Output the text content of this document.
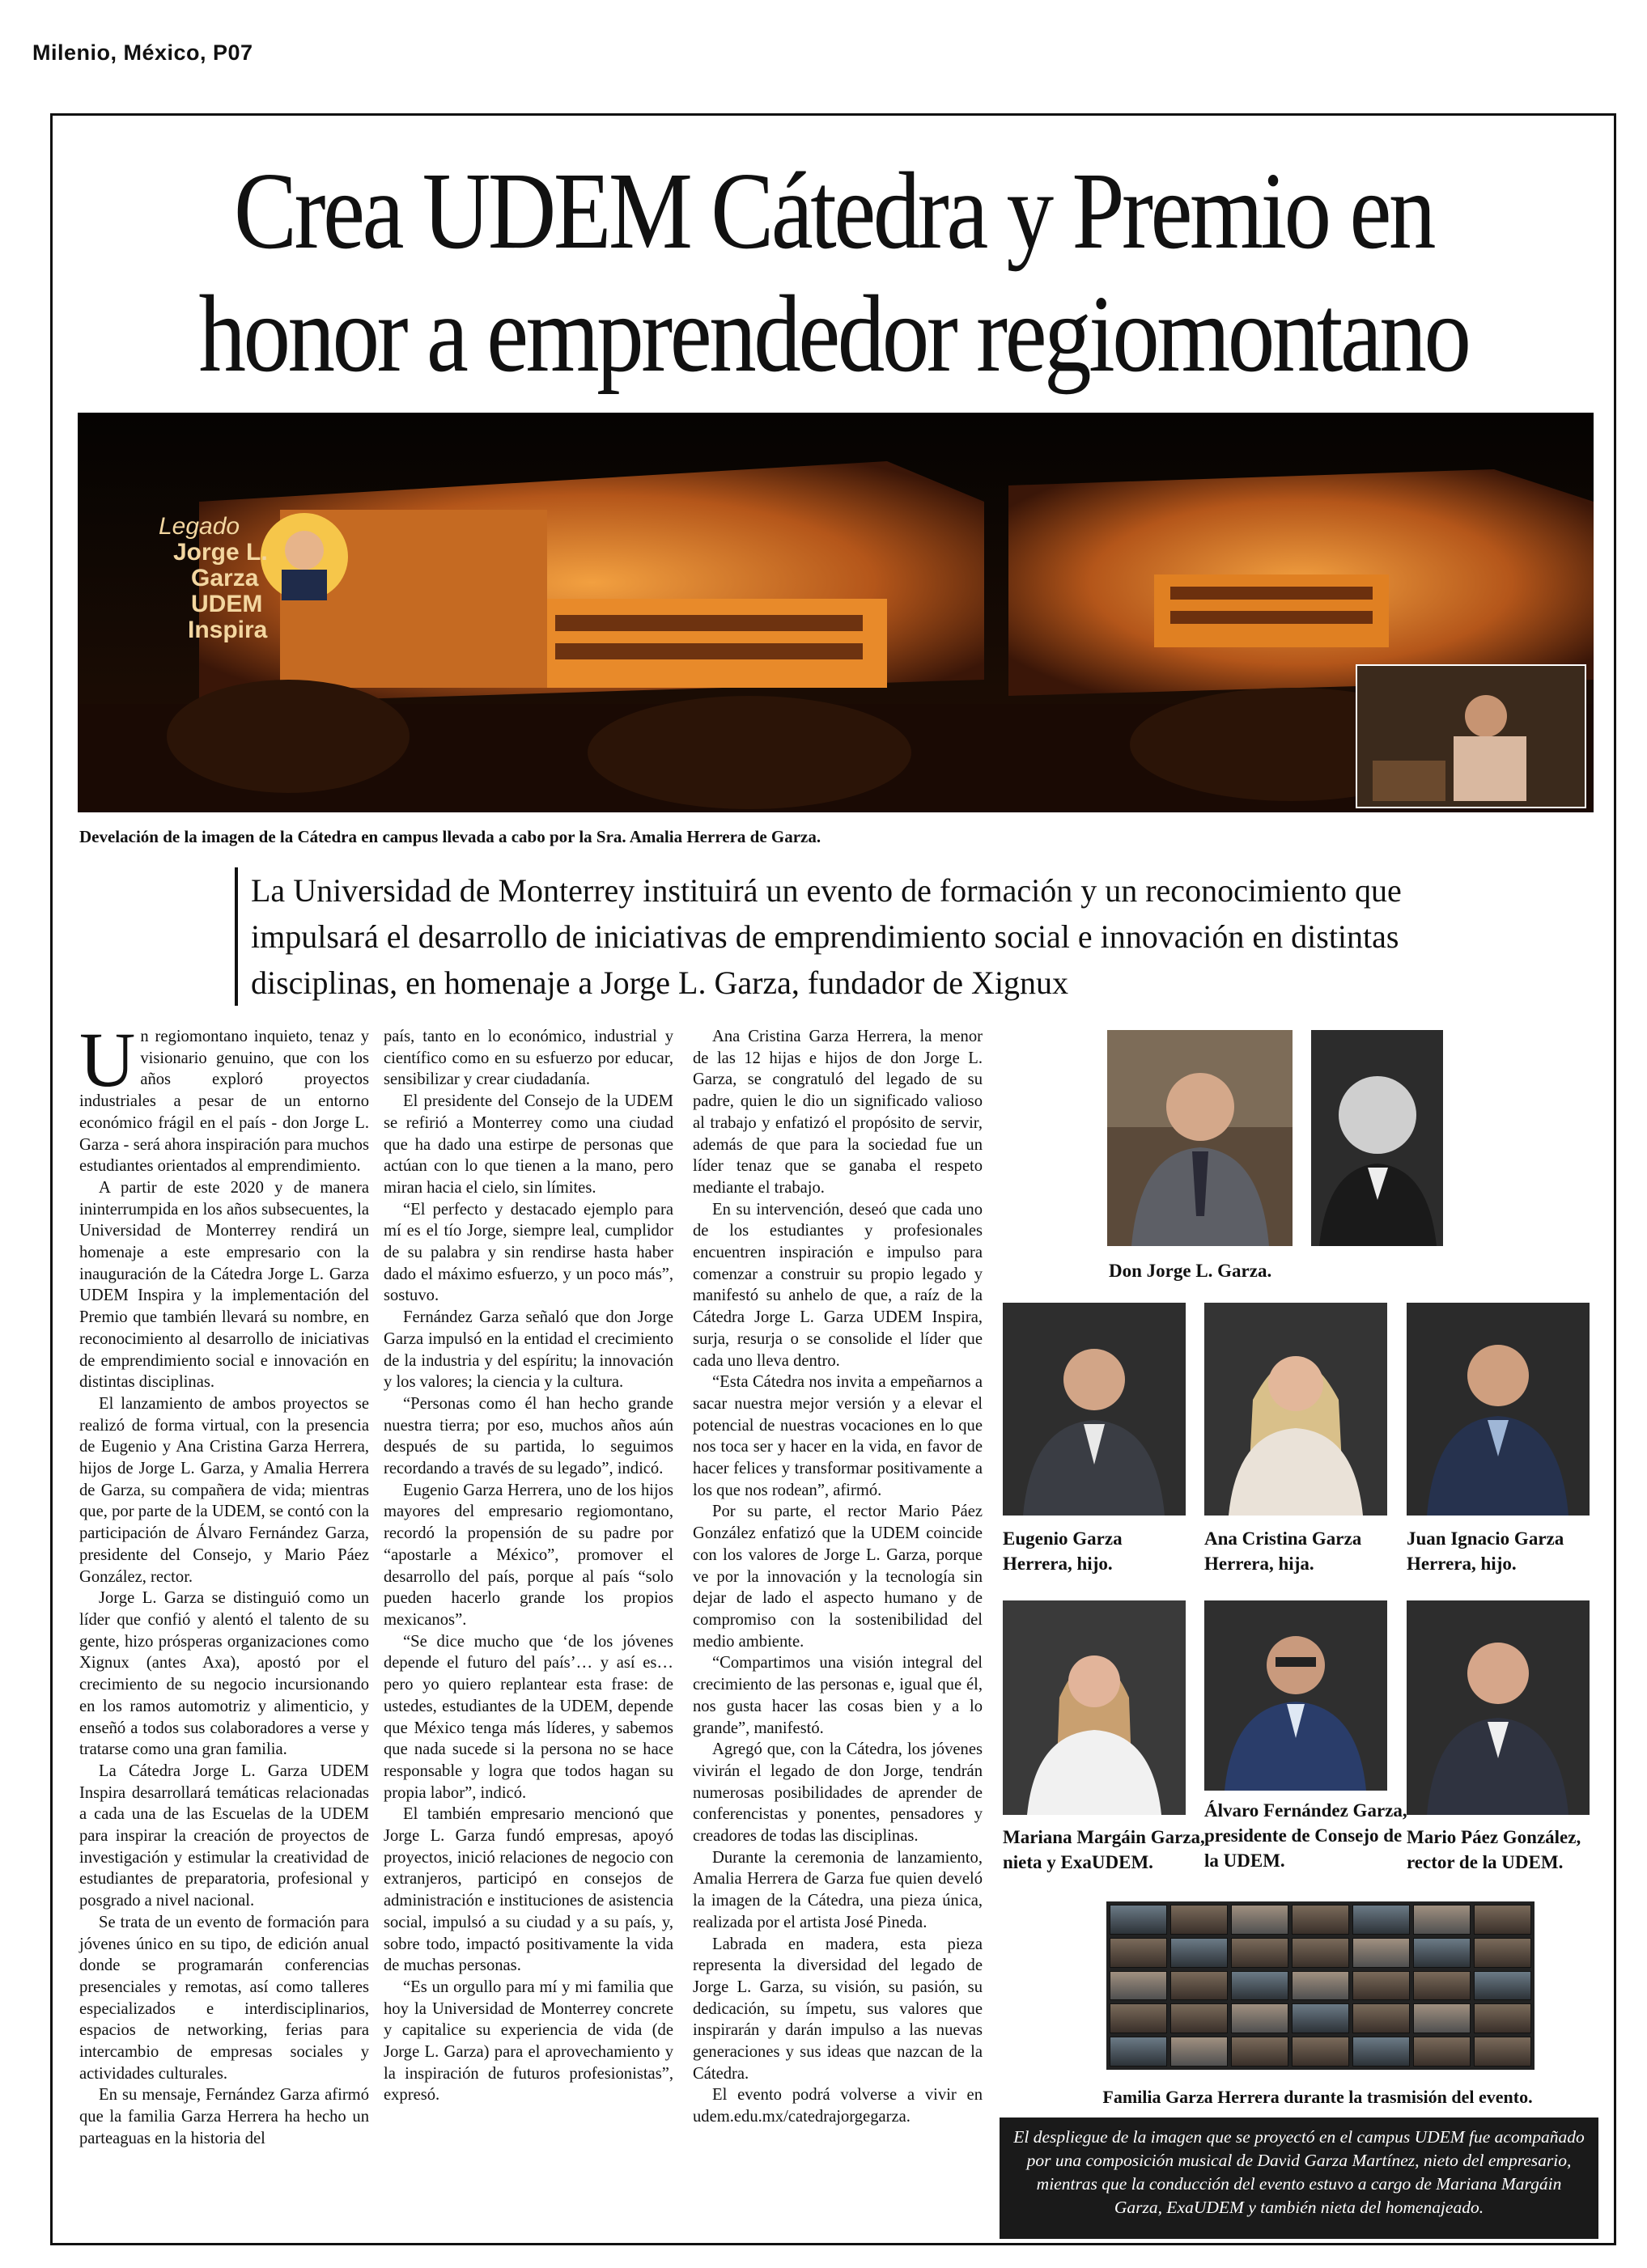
Milenio, México, P07
Crea UDEM Cátedra y Premio en
honor a emprendedor regiomontano
Legado
Jorge L.
Garza
UDEM
Inspira
Develación de la imagen de la Cátedra en campus llevada a cabo por la Sra. Amalia Herrera de Garza.
La Universidad de Monterrey instituirá un evento de formación y un reconocimiento que impulsará el desarrollo de iniciativas de emprendimiento social e innovación en distintas disciplinas, en homenaje a Jorge L. Garza, fundador de Xignux

Un regiomontano inquieto, tenaz y visionario genuino, que con los años exploró proyectos industriales a pesar de un entorno económico frágil en el país - don Jorge L. Garza - será ahora inspiración para muchos estudiantes orientados al emprendimiento.

A partir de este 2020 y de manera ininterrumpida en los años subsecuentes, la Universidad de Monterrey rendirá un homenaje a este empresario con la inauguración de la Cátedra Jorge L. Garza UDEM Inspira y la implementación del Premio que también llevará su nombre, en reconocimiento al desarrollo de iniciativas de emprendimiento social e innovación en distintas disciplinas.

El lanzamiento de ambos proyectos se realizó de forma virtual, con la presencia de Eugenio y Ana Cristina Garza Herrera, hijos de Jorge L. Garza, y Amalia Herrera de Garza, su compañera de vida; mientras que, por parte de la UDEM, se contó con la participación de Álvaro Fernández Garza, presidente del Consejo, y Mario Páez González, rector.

Jorge L. Garza se distinguió como un líder que confió y alentó el talento de su gente, hizo prósperas organizaciones como Xignux (antes Axa), apostó por el crecimiento de su negocio incursionando en los ramos automotriz y alimenticio, y enseñó a todos sus colaboradores a verse y tratarse como una gran familia.

La Cátedra Jorge L. Garza UDEM Inspira desarrollará temáticas relacionadas a cada una de las Escuelas de la UDEM para inspirar la creación de proyectos de investigación y estimular la creatividad de estudiantes de preparatoria, profesional y posgrado a nivel nacional.

Se trata de un evento de formación para jóvenes único en su tipo, de edición anual donde se programarán conferencias presenciales y remotas, así como talleres especializados e interdisciplinarios, espacios de networking, ferias para intercambio de empresas sociales y actividades culturales.

En su mensaje, Fernández Garza afirmó que la familia Garza Herrera ha hecho un parteaguas en la historia del

país, tanto en lo económico, industrial y científico como en su esfuerzo por educar, sensibilizar y crear ciudadanía.

El presidente del Consejo de la UDEM se refirió a Monterrey como una ciudad que ha dado una estirpe de personas que actúan con lo que tienen a la mano, pero miran hacia el cielo, sin límites.

“El perfecto y destacado ejemplo para mí es el tío Jorge, siempre leal, cumplidor de su palabra y sin rendirse hasta haber dado el máximo esfuerzo, y un poco más”, sostuvo.

Fernández Garza señaló que don Jorge Garza impulsó en la entidad el crecimiento de la industria y del espíritu; la innovación y los valores; la ciencia y la cultura.

“Personas como él han hecho grande nuestra tierra; por eso, muchos años aún después de su partida, lo seguimos recordando a través de su legado”, indicó.

Eugenio Garza Herrera, uno de los hijos mayores del empresario regiomontano, recordó la propensión de su padre por “apostarle a México”, promover el desarrollo del país, porque al país “solo pueden hacerlo grande los propios mexicanos”.

“Se dice mucho que ‘de los jóvenes depende el futuro del país’… y así es… pero yo quiero replantear esta frase: de ustedes, estudiantes de la UDEM, depende que México tenga más líderes, y sabemos que nada sucede si la persona no se hace responsable y logra que todos hagan su propia labor”, indicó.

El también empresario mencionó que Jorge L. Garza fundó empresas, apoyó proyectos, inició relaciones de negocio con extranjeros, participó en consejos de administración e instituciones de asistencia social, impulsó a su ciudad y a su país, y, sobre todo, impactó positivamente la vida de muchas personas.

“Es un orgullo para mí y mi familia que hoy la Universidad de Monterrey concrete y capitalice su experiencia de vida (de Jorge L. Garza) para el aprovechamiento y la inspiración de futuros profesionistas”, expresó.

Ana Cristina Garza Herrera, la menor de las 12 hijas e hijos de don Jorge L. Garza, se congratuló del legado de su padre, quien le dio un significado valioso al trabajo y enfatizó el propósito de servir, además de que para la sociedad fue un líder tenaz que se ganaba el respeto mediante el trabajo.

En su intervención, deseó que cada uno de los estudiantes y profesionales encuentren inspiración e impulso para comenzar a construir su propio legado y manifestó su anhelo de que, a raíz de la Cátedra Jorge L. Garza UDEM Inspira, surja, resurja o se consolide el líder que cada uno lleva dentro.

“Esta Cátedra nos invita a empeñarnos a sacar nuestra mejor versión y a elevar el potencial de nuestras vocaciones en lo que nos toca ser y hacer en la vida, en favor de hacer felices y transformar positivamente a los que nos rodean”, afirmó.

Por su parte, el rector Mario Páez González enfatizó que la UDEM coincide con los valores de Jorge L. Garza, porque ve por la innovación y la tecnología sin dejar de lado el aspecto humano y de compromiso con la sostenibilidad del medio ambiente.

“Compartimos una visión integral del crecimiento de las personas e, igual que él, nos gusta hacer las cosas bien y a lo grande”, manifestó.

Agregó que, con la Cátedra, los jóvenes vivirán el legado de don Jorge, tendrán numerosas posibilidades de aprender de conferencistas y ponentes, pensadores y creadores de todas las disciplinas.

Durante la ceremonia de lanzamiento, Amalia Herrera de Garza fue quien develó la imagen de la Cátedra, una pieza única, realizada por el artista José Pineda.

Labrada en madera, esta pieza representa la diversidad del legado de Jorge L. Garza, su visión, su pasión, su dedicación, su ímpetu, sus valores que inspirarán y darán impulso a las nuevas generaciones y sus ideas que nazcan de la Cátedra.

El evento podrá volverse a vivir en udem.edu.mx/catedrajorgegarza.

Don Jorge L. Garza.
Eugenio Garza
Herrera, hijo.
Ana Cristina Garza
Herrera, hija.
Juan Ignacio Garza
Herrera, hijo.
Mariana Margáin Garza,
nieta y ExaUDEM.
Álvaro Fernández Garza,
presidente de Consejo de
la UDEM.
Mario Páez González,
rector de la UDEM.
Familia Garza Herrera durante la trasmisión del evento.
El despliegue de la imagen que se proyectó en el campus UDEM fue acompañado por una composición musical de David Garza Martínez, nieto del empresario, mientras que la conducción del evento estuvo a cargo de Mariana Margáin Garza, ExaUDEM y también nieta del homenajeado.
